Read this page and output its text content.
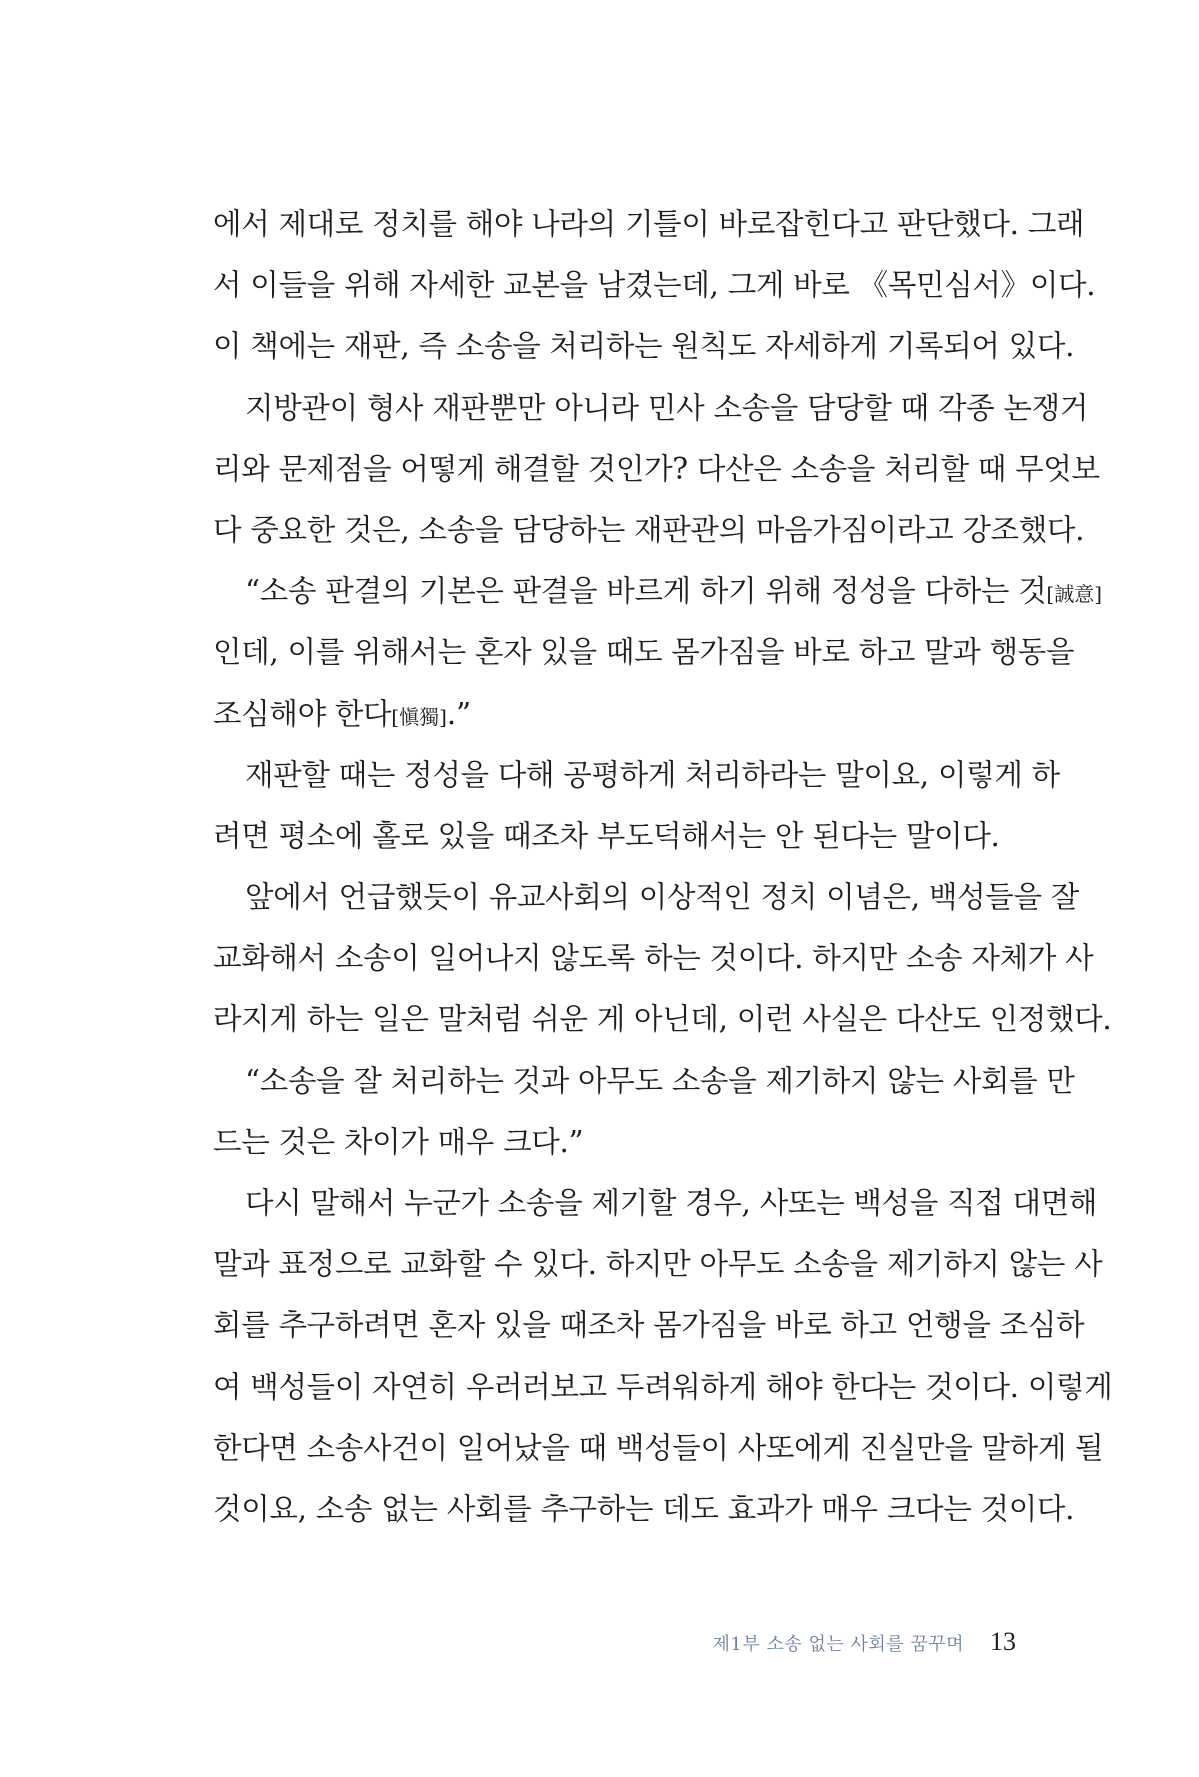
에서 제대로 정치를 해야 나라의 기틀이 바로잡힌다고 판단했다. 그래
서 이들을 위해 자세한 교본을 남겼는데, 그게 바로 《목민심서》이다.
이 책에는 재판, 즉 소송을 처리하는 원칙도 자세하게 기록되어 있다.
지방관이 형사 재판뿐만 아니라 민사 소송을 담당할 때 각종 논쟁거
리와 문제점을 어떻게 해결할 것인가? 다산은 소송을 처리할 때 무엇보
다 중요한 것은, 소송을 담당하는 재판관의 마음가짐이라고 강조했다.
“소송 판결의 기본은 판결을 바르게 하기 위해 정성을 다하는 것[誠意]
인데, 이를 위해서는 혼자 있을 때도 몸가짐을 바로 하고 말과 행동을
조심해야 한다[愼獨].”
재판할 때는 정성을 다해 공평하게 처리하라는 말이요, 이렇게 하
려면 평소에 홀로 있을 때조차 부도덕해서는 안 된다는 말이다.
앞에서 언급했듯이 유교사회의 이상적인 정치 이념은, 백성들을 잘
교화해서 소송이 일어나지 않도록 하는 것이다. 하지만 소송 자체가 사
라지게 하는 일은 말처럼 쉬운 게 아닌데, 이런 사실은 다산도 인정했다.
“소송을 잘 처리하는 것과 아무도 소송을 제기하지 않는 사회를 만
드는 것은 차이가 매우 크다.”
다시 말해서 누군가 소송을 제기할 경우, 사또는 백성을 직접 대면해
말과 표정으로 교화할 수 있다. 하지만 아무도 소송을 제기하지 않는 사
회를 추구하려면 혼자 있을 때조차 몸가짐을 바로 하고 언행을 조심하
여 백성들이 자연히 우러러보고 두려워하게 해야 한다는 것이다. 이렇게
한다면 소송사건이 일어났을 때 백성들이 사또에게 진실만을 말하게 될
것이요, 소송 없는 사회를 추구하는 데도 효과가 매우 크다는 것이다.
제1부 소송 없는 사회를 꿈꾸며 13
